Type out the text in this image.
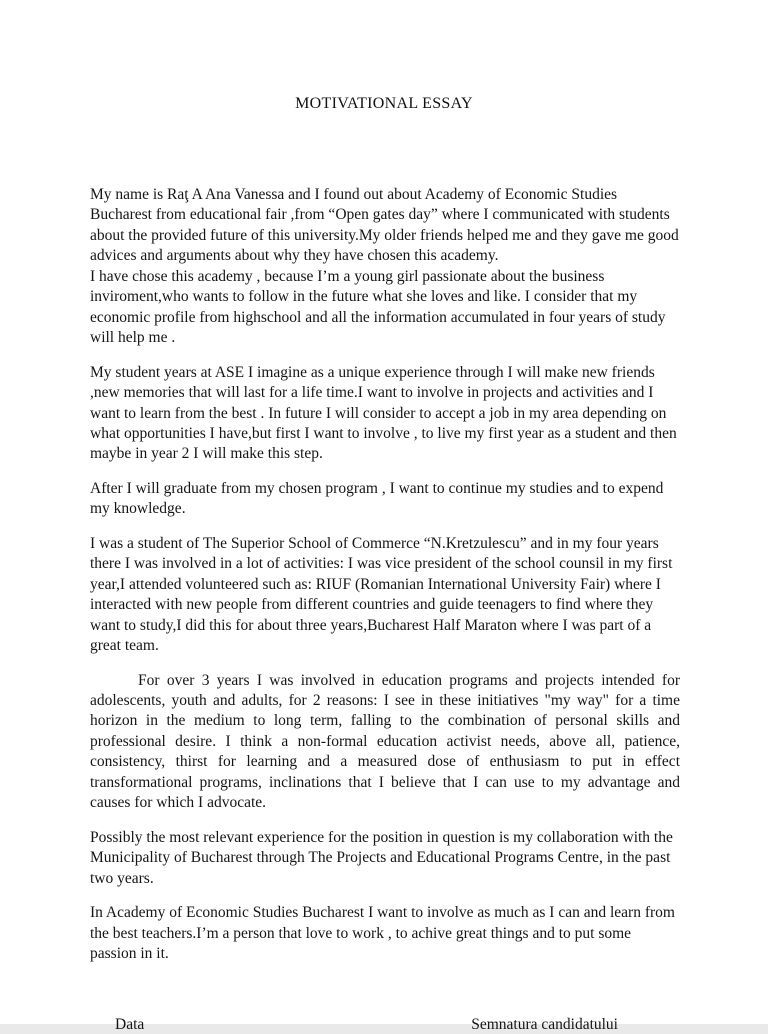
MOTIVATIONAL ESSAY

My name is Raţ A Ana Vanessa and I found out about Academy of Economic Studies Bucharest from educational fair ,from “Open gates day” where I communicated with students about the provided future of this university.My older friends helped me and they gave me good advices and arguments about why they have chosen this academy.

I have chose this academy , because I’m a young girl passionate about the business inviroment,who wants to follow in the future what she loves and like. I consider that my economic profile from highschool and all the information accumulated in four years of study will help me .

My student years at ASE I imagine as a unique experience through I will make new friends ,new memories that will last for a life time.I want to involve in projects and activities and I want to learn from the best . In future I will consider to accept a job in my area depending on what opportunities I have,but first I want to involve , to live my first year as a student and then maybe in year 2 I will make this step.

After I will graduate from my chosen program , I want to continue my studies and to expend my knowledge.

I was a student of The Superior School of Commerce “N.Kretzulescu” and in my four years there I was involved in a lot of activities: I was vice president of the school counsil in my first year,I attended volunteered such as: RIUF (Romanian International University Fair) where I interacted with new people from different countries and guide teenagers to find where they want to study,I did this for about three years,Bucharest Half Maraton where I was part of a great team.

For over 3 years I was involved in education programs and projects intended for adolescents, youth and adults, for 2 reasons: I see in these initiatives "my way" for a time horizon in the medium to long term, falling to the combination of personal skills and professional desire. I think a non-formal education activist needs, above all, patience, consistency, thirst for learning and a measured dose of enthusiasm to put in effect transformational programs, inclinations that I believe that I can use to my advantage and causes for which I advocate.

Possibly the most relevant experience for the position in question is my collaboration with the Municipality of Bucharest through The Projects and Educational Programs Centre, in the past two years.

In Academy of Economic Studies Bucharest I want to involve as much as I can and learn from the best teachers.I’m a person that love to work , to achive great things and to put some passion in it.

Data	Semnatura candidatului
